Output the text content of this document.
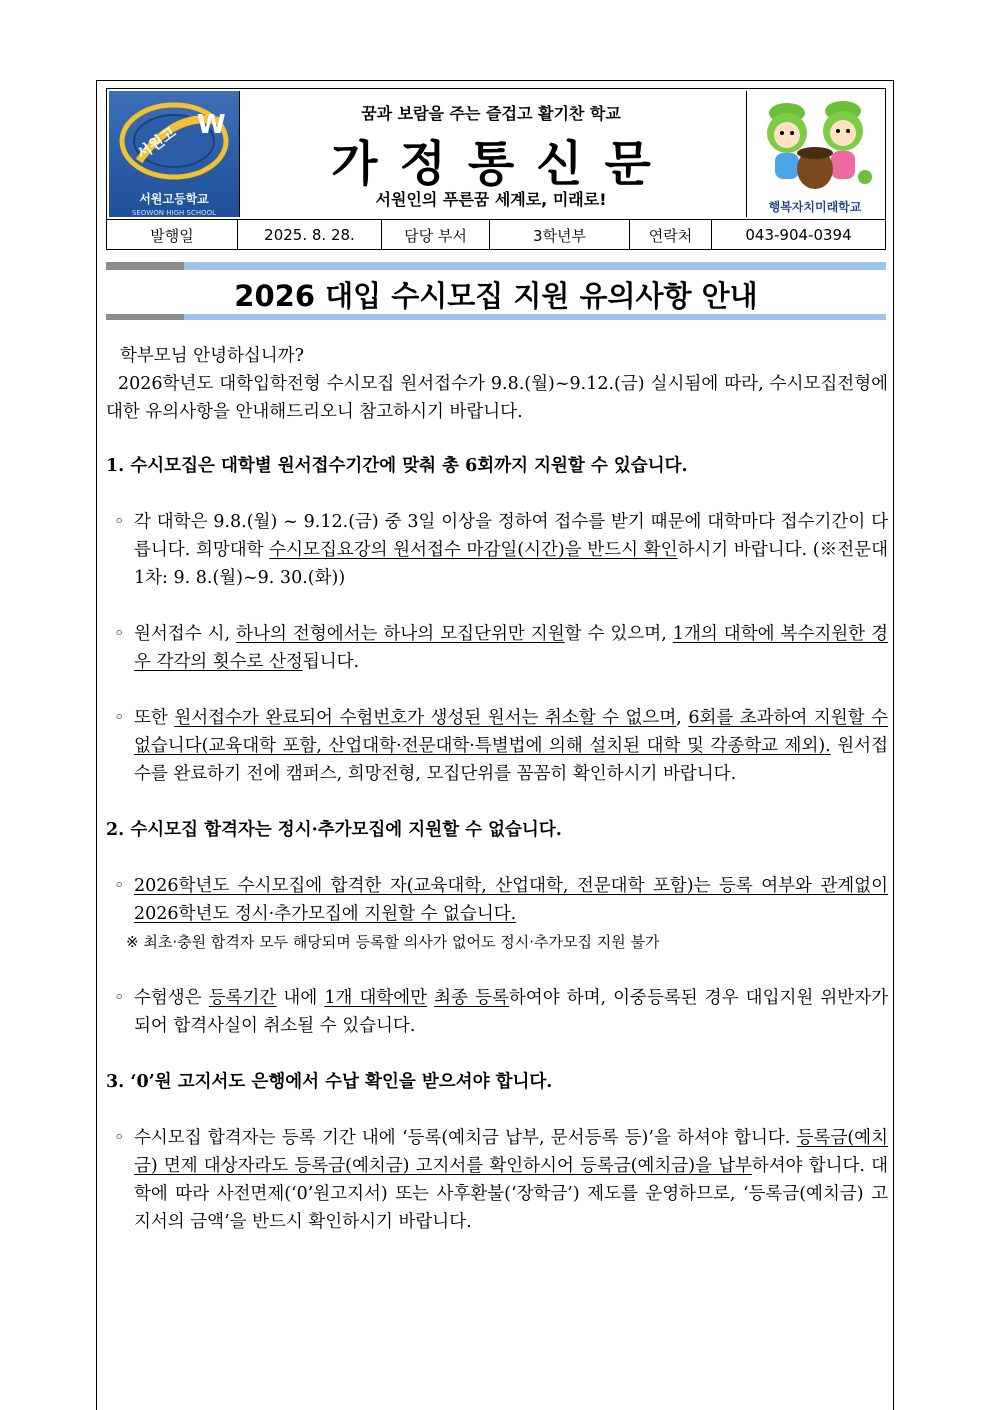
W
서원고
서원고등학교
SEOWON HIGH SCHOOL
꿈과 보람을 주는 즐겁고 활기찬 학교
가정통신문
서원인의 푸른꿈 세계로, 미래로!	행복자치미래학교
발행일	2025. 8. 28.	담당 부서	3학년부	연락처	043-904-0394
2026 대입 수시모집 지원 유의사항 안내

학부모님 안녕하십니까?

2026학년도 대학입학전형 수시모집 원서접수가 9.8.(월)~9.12.(금) 실시됨에 따라, 수시모집전형에 대한 유의사항을 안내해드리오니 참고하시기 바랍니다.

1. 수시모집은 대학별 원서접수기간에 맞춰 총 6회까지 지원할 수 있습니다.

◦ 각 대학은 9.8.(월) ~ 9.12.(금) 중 3일 이상을 정하여 접수를 받기 때문에 대학마다 접수기간이 다릅니다. 희망대학 수시모집요강의 원서접수 마감일(시간)을 반드시 확인하시기 바랍니다. (※전문대 1차: 9. 8.(월)~9. 30.(화))

◦ 원서접수 시, 하나의 전형에서는 하나의 모집단위만 지원할 수 있으며, 1개의 대학에 복수지원한 경우 각각의 횟수로 산정됩니다.

◦ 또한 원서접수가 완료되어 수험번호가 생성된 원서는 취소할 수 없으며, 6회를 초과하여 지원할 수 없습니다(교육대학 포함, 산업대학·전문대학·특별법에 의해 설치된 대학 및 각종학교 제외). 원서접수를 완료하기 전에 캠퍼스, 희망전형, 모집단위를 꼼꼼히 확인하시기 바랍니다.

2. 수시모집 합격자는 정시·추가모집에 지원할 수 없습니다.

◦ 2026학년도 수시모집에 합격한 자(교육대학, 산업대학, 전문대학 포함)는 등록 여부와 관계없이 2026학년도 정시·추가모집에 지원할 수 없습니다.

※ 최초·충원 합격자 모두 해당되며 등록할 의사가 없어도 정시·추가모집 지원 불가

◦ 수험생은 등록기간 내에 1개 대학에만 최종 등록하여야 하며, 이중등록된 경우 대입지원 위반자가 되어 합격사실이 취소될 수 있습니다.

3. ‘0’원 고지서도 은행에서 수납 확인을 받으셔야 합니다.

◦ 수시모집 합격자는 등록 기간 내에 ‘등록(예치금 납부, 문서등록 등)’을 하셔야 합니다. 등록금(예치금) 면제 대상자라도 등록금(예치금) 고지서를 확인하시어 등록금(예치금)을 납부하셔야 합니다. 대학에 따라 사전면제(‘0’원고지서) 또는 사후환불(‘장학금’) 제도를 운영하므로, ‘등록금(예치금) 고지서의 금액’을 반드시 확인하시기 바랍니다.
